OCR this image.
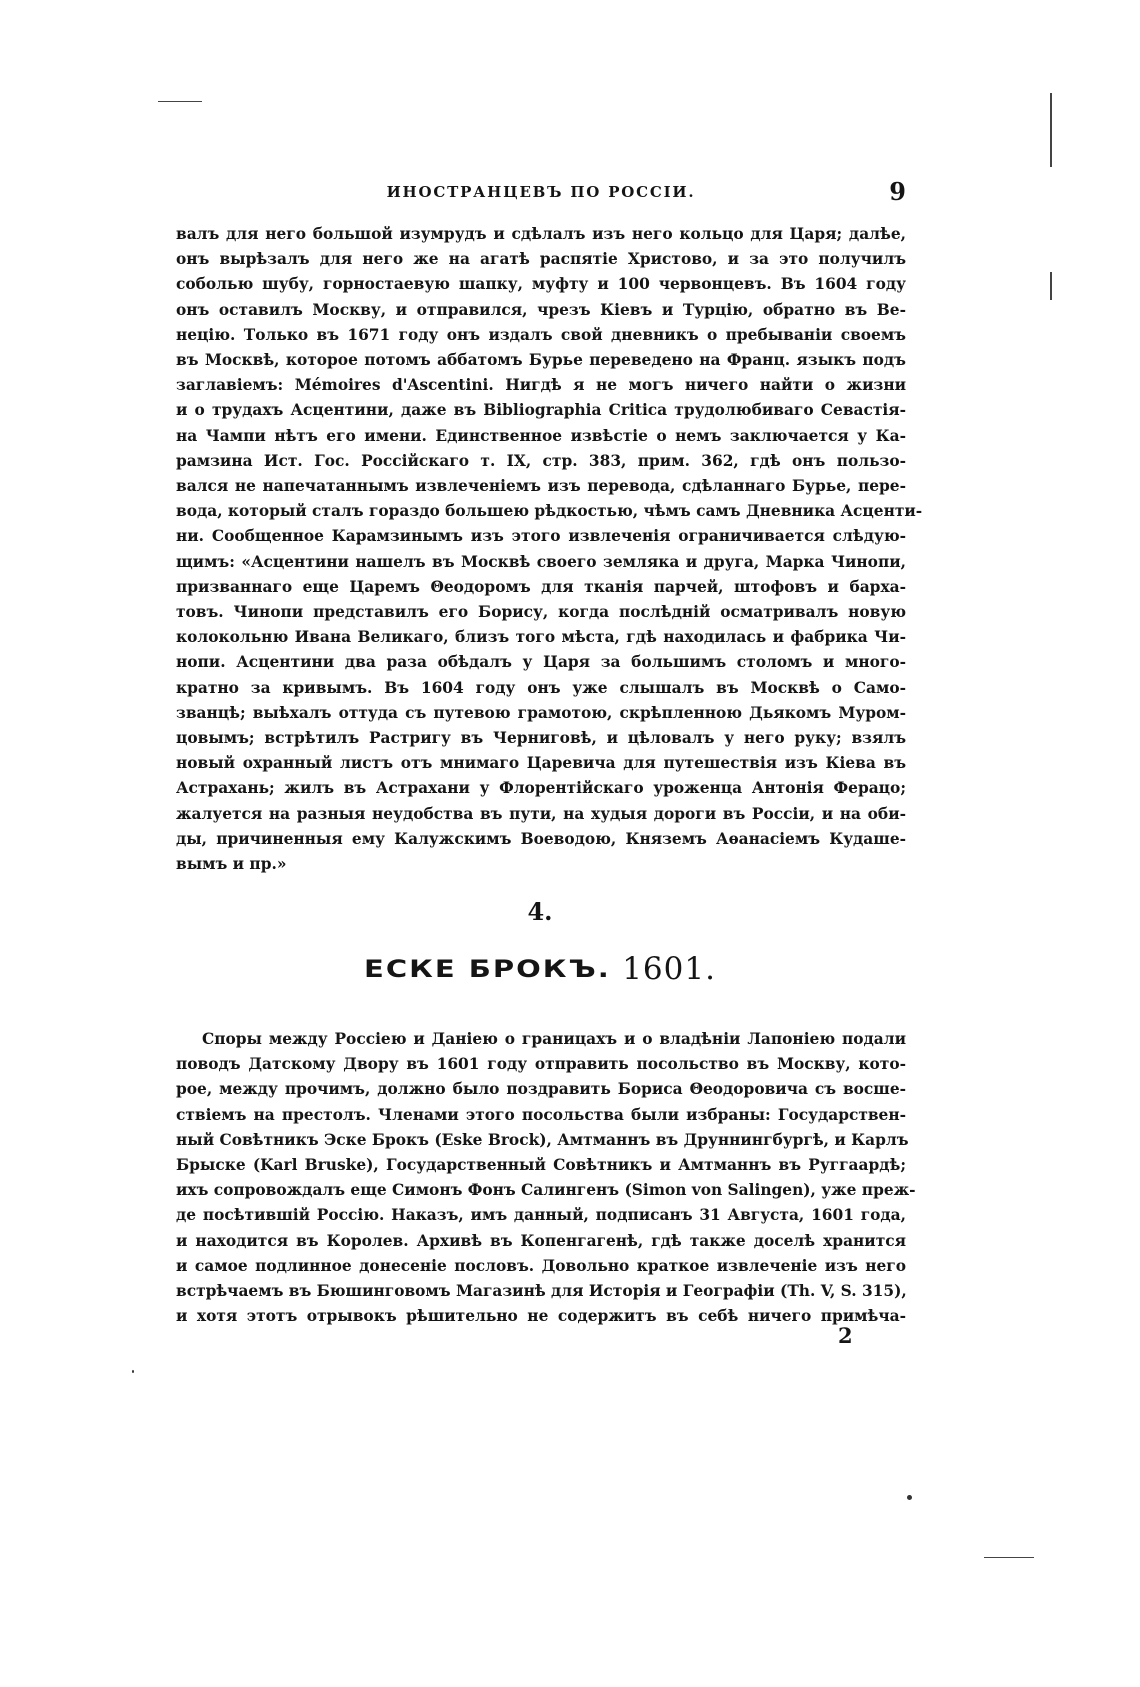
ИНОСТРАНЦЕВЪ ПО РОССІИ.	9
валъ для него большой изумрудъ и сдѣлалъ изъ него кольцо для Царя; далѣе,
онъ вырѣзалъ для него же на агатѣ распятіе Христово, и за это получилъ
соболью шубу, горностаевую шапку, муфту и 100 червонцевъ. Въ 1604 году
онъ оставилъ Москву, и отправился, чрезъ Кіевъ и Турцію, обратно въ Ве-
нецію. Только въ 1671 году онъ издалъ свой дневникъ о пребываніи своемъ
въ Москвѣ, которое потомъ аббатомъ Бурье переведено на Франц. языкъ подъ
заглавіемъ: Mémoires d'Ascentini. Нигдѣ я не могъ ничего найти о жизни
и о трудахъ Асцентини, даже въ Bibliographia Critica трудолюбиваго Севастія-
на Чампи нѣтъ его имени. Единственное извѣстіе о немъ заключается у Ка-
рамзина Ист. Гос. Россійскаго т. IX, стр. 383, прим. 362, гдѣ онъ пользо-
вался не напечатаннымъ извлеченіемъ изъ перевода, сдѣланнаго Бурье, пере-
вода, который сталъ гораздо большею рѣдкостью, чѣмъ самъ Дневника Асценти-
ни. Сообщенное Карамзинымъ изъ этого извлеченія ограничивается слѣдую-
щимъ: «Асцентини нашелъ въ Москвѣ своего земляка и друга, Марка Чинопи,
призваннаго еще Царемъ Θеодоромъ для тканія парчей, штофовъ и барха-
товъ. Чинопи представилъ его Борису, когда послѣдній осматривалъ новую
колокольню Ивана Великаго, близъ того мѣста, гдѣ находилась и фабрика Чи-
нопи. Асцентини два раза обѣдалъ у Царя за большимъ столомъ и много-
кратно за кривымъ. Въ 1604 году онъ уже слышалъ въ Москвѣ о Само-
званцѣ; выѣхалъ оттуда съ путевою грамотою, скрѣпленною Дьякомъ Муром-
цовымъ; встрѣтилъ Растригу въ Черниговѣ, и цѣловалъ у него руку; взялъ
новый охранный листъ отъ мнимаго Царевича для путешествія изъ Кіева въ
Астрахань; жилъ въ Астрахани у Флорентійскаго уроженца Антонія Ферацо;
жалуется на разныя неудобства въ пути, на худыя дороги въ Россіи, и на оби-
ды, причиненныя ему Калужскимъ Воеводою, Княземъ Аѳанасіемъ Кудаше-
вымъ и пр.»
4.
ЕСКЕ БРОКЪ. 1601.
Споры между Россіею и Даніею о границахъ и о владѣніи Лапоніею подали
поводъ Датскому Двору въ 1601 году отправить посольство въ Москву, кото-
рое, между прочимъ, должно было поздравить Бориса Θеодоровича съ восше-
ствіемъ на престолъ. Членами этого посольства были избраны: Государствен-
ный Совѣтникъ Эске Брокъ (Eske Brock), Амтманнъ въ Друннингбургѣ, и Карлъ
Брыске (Karl Bruske), Государственный Совѣтникъ и Амтманнъ въ Руггаардѣ;
ихъ сопровождалъ еще Симонъ Фонъ Салингенъ (Simon von Salingen), уже преж-
де посѣтившій Россію. Наказъ, имъ данный, подписанъ 31 Августа, 1601 года,
и находится въ Королев. Архивѣ въ Копенгагенѣ, гдѣ также доселѣ хранится
и самое подлинное донесеніе пословъ. Довольно краткое извлеченіе изъ него
встрѣчаемъ въ Бюшинговомъ Магазинѣ для Исторія и Географіи (Th. V, S. 315),
и хотя этотъ отрывокъ рѣшительно не содержитъ въ себѣ ничего примѣча-
2
